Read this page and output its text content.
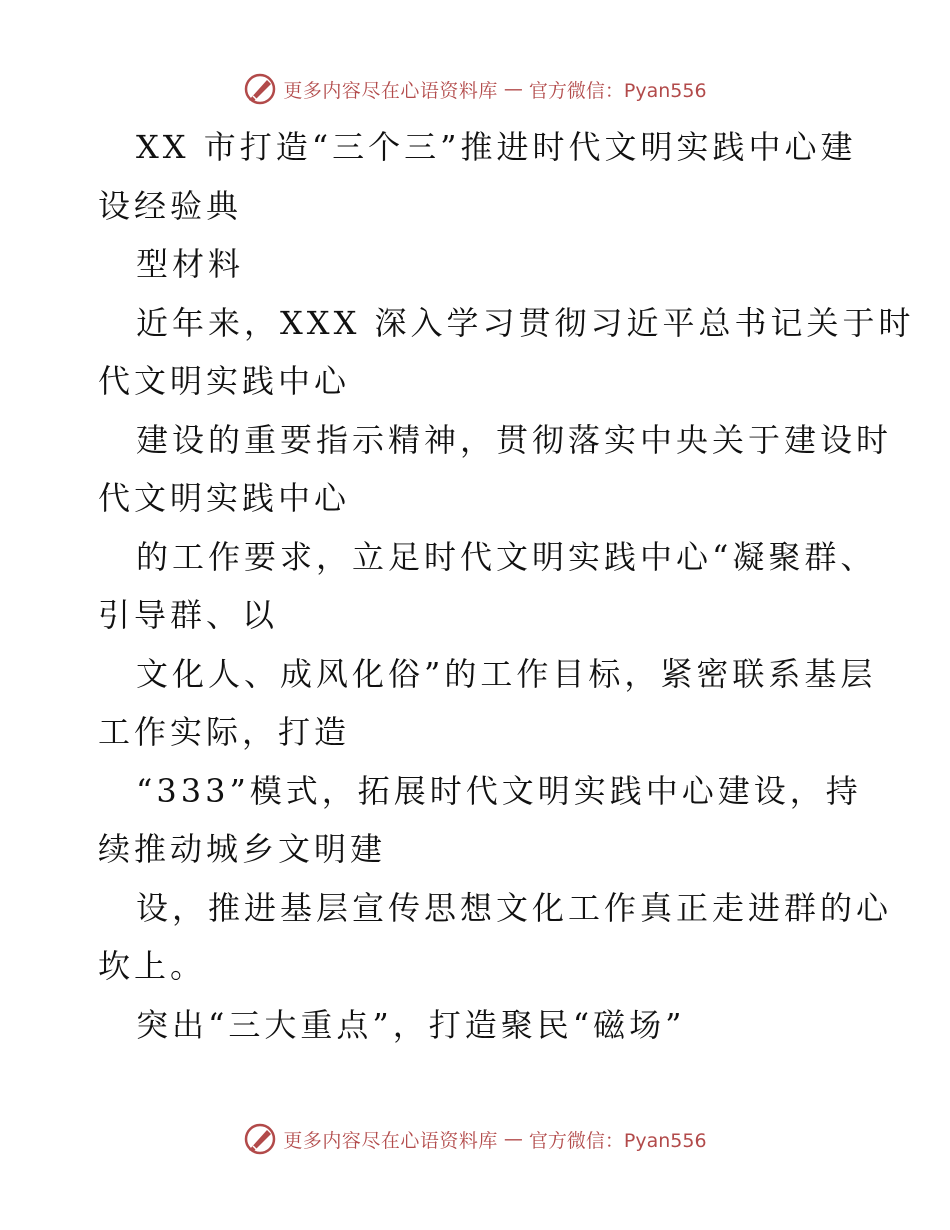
更多内容尽在心语资料库 — 官方微信：Pyan556
XX 市打造“三个三”推进时代文明实践中心建
设经验典
型材料
近年来，XXX 深入学习贯彻习近平总书记关于时
代文明实践中心
建设的重要指示精神，贯彻落实中央关于建设时
代文明实践中心
的工作要求，立足时代文明实践中心“凝聚群、
引导群、以
文化人、成风化俗”的工作目标，紧密联系基层
工作实际，打造
“333”模式，拓展时代文明实践中心建设，持
续推动城乡文明建
设，推进基层宣传思想文化工作真正走进群的心
坎上。
突出“三大重点”，打造聚民“磁场”
更多内容尽在心语资料库 — 官方微信：Pyan556
